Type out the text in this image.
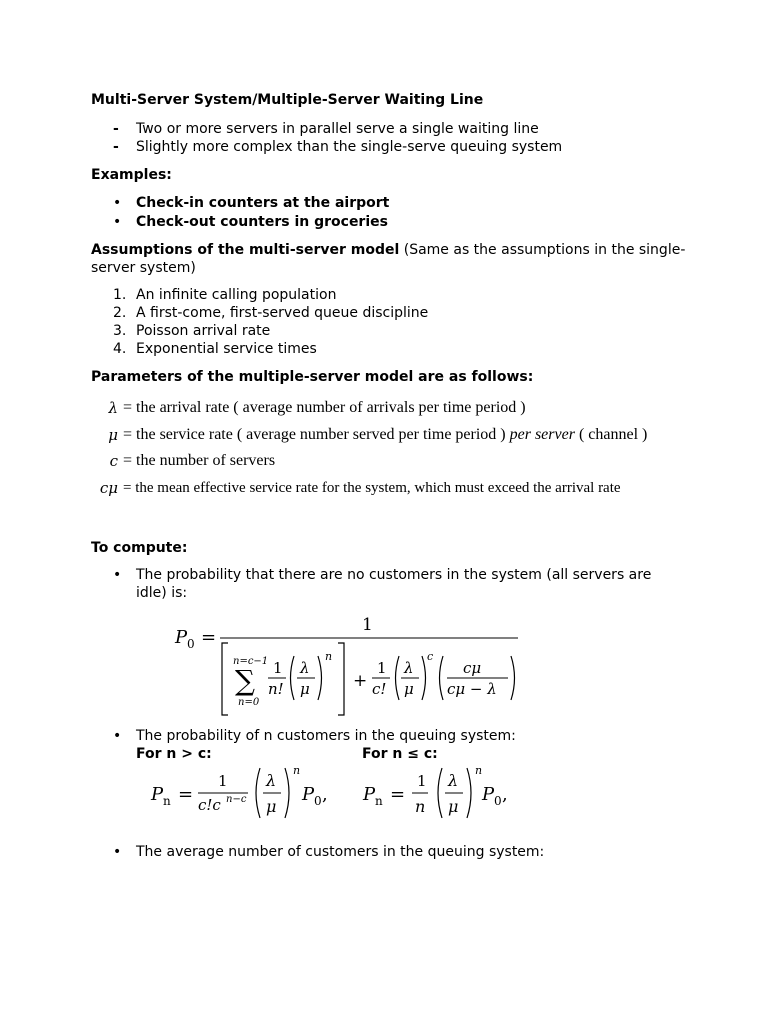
Multi-Server System/Multiple-Server Waiting Line
- Two or more servers in parallel serve a single waiting line
- Slightly more complex than the single-serve queuing system
Examples:
• Check-in counters at the airport
• Check-out counters in groceries
Assumptions of the multi-server model (Same as the assumptions in the single-
server system)
1. An infinite calling population
2. A first-come, first-served queue discipline
3. Poisson arrival rate
4. Exponential service times
Parameters of the multiple-server model are as follows:
λ = the arrival rate ( average number of arrivals per time period )
μ = the service rate ( average number served per time period ) per server ( channel )
c = the number of servers
cμ = the mean effective service rate for the system, which must exceed the arrival rate
To compute:
• The probability that there are no customers in the system (all servers are
idle) is:
P 0 =
1
n=c−1
∑
n=0
1
n!
λ
μ
n
+
1
c!
λ
μ
c
cμ
cμ − λ
• The probability of n customers in the queuing system:
For n > c:	For n ≤ c:
P n =
1
c!c n−c
λ
μ
n
P 0 , P n =
1
n
λ
μ
n
P 0 ,
• The average number of customers in the queuing system:
